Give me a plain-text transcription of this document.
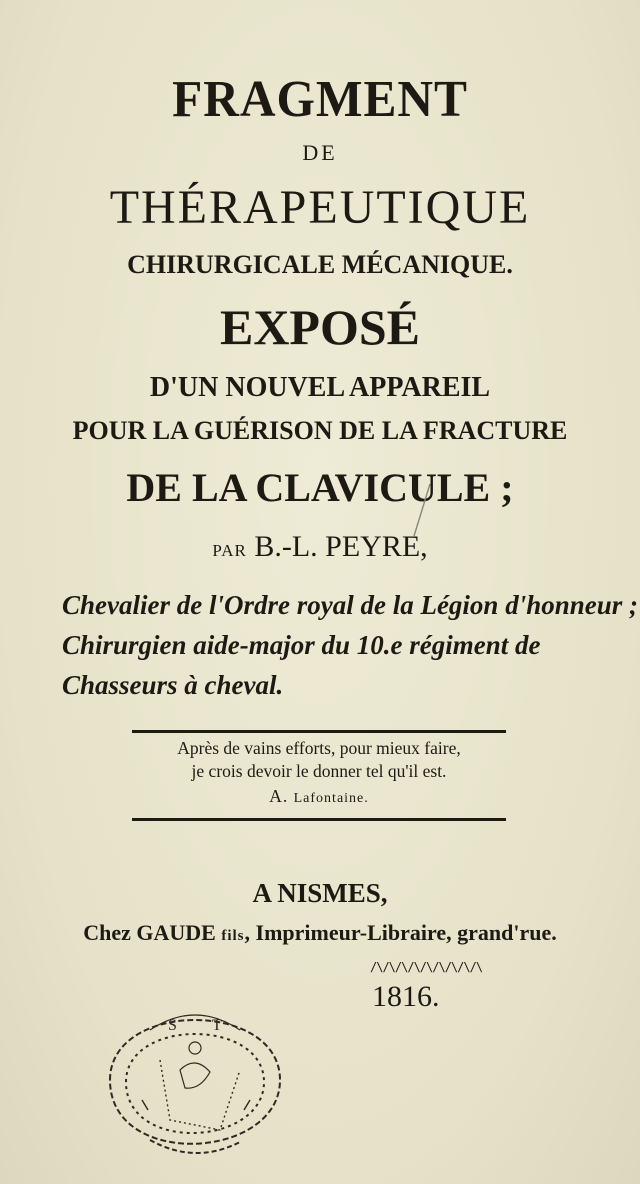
FRAGMENT
DE
THÉRAPEUTIQUE
CHIRURGICALE MÉCANIQUE.
EXPOSÉ
D'UN NOUVEL APPAREIL
POUR LA GUÉRISON DE LA FRACTURE
DE LA CLAVICULE ;
PAR B.-L. PEYRE,
Chevalier de l'Ordre royal de la Légion d'honneur ;
Chirurgien aide-major du 10.e régiment de
Chasseurs à cheval.
Après de vains efforts, pour mieux faire,
je crois devoir le donner tel qu'il est.
A. Lafontaine.
A NISMES,
Chez GAUDE fils, Imprimeur-Libraire, grand'rue.
/\/\/\/\/\/\/\/\/\
1816.
S T
